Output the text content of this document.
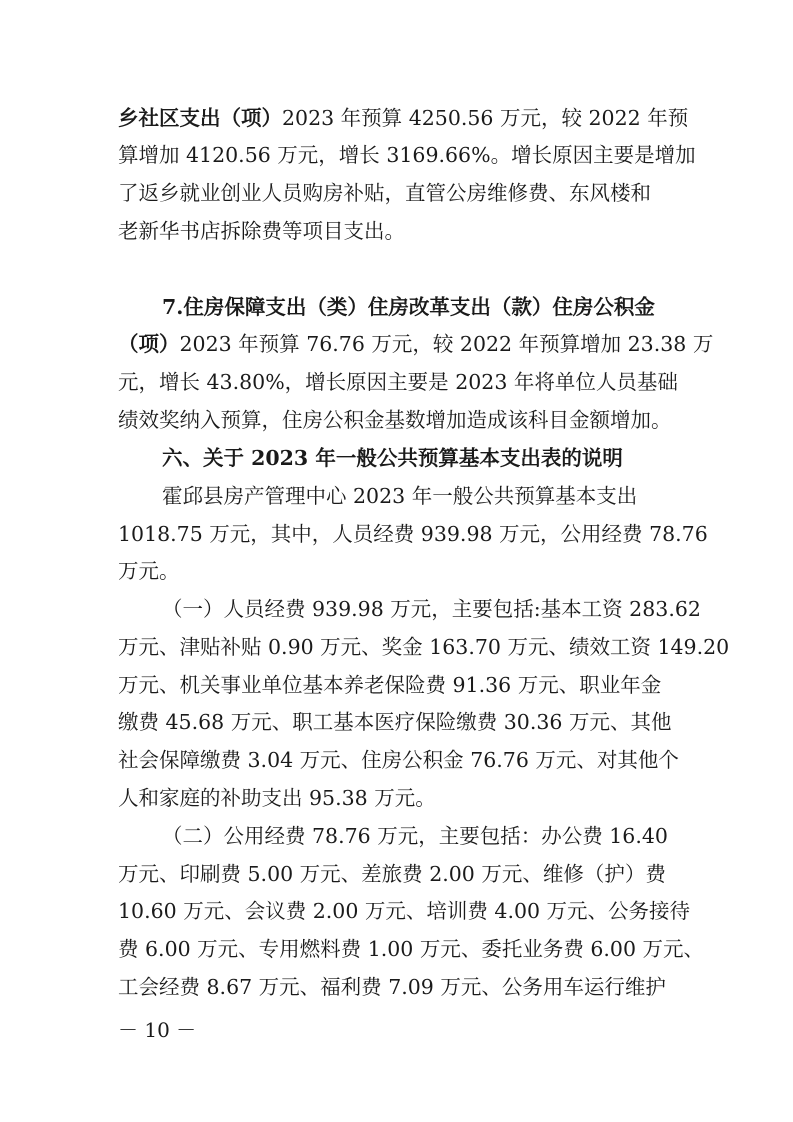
乡社区支出（项）2023 年预算 4250.56 万元，较 2022 年预
算增加 4120.56 万元，增长 3169.66%。增长原因主要是增加
了返乡就业创业人员购房补贴，直管公房维修费、东风楼和
老新华书店拆除费等项目支出。
7.住房保障支出（类）住房改革支出（款）住房公积金
（项）2023 年预算 76.76 万元，较 2022 年预算增加 23.38 万
元，增长 43.80%，增长原因主要是 2023 年将单位人员基础
绩效奖纳入预算，住房公积金基数增加造成该科目金额增加。
六、关于 2023 年一般公共预算基本支出表的说明
霍邱县房产管理中心 2023 年一般公共预算基本支出
1018.75 万元，其中，人员经费 939.98 万元，公用经费 78.76
万元。
（一）人员经费 939.98 万元，主要包括:基本工资 283.62
万元、津贴补贴 0.90 万元、奖金 163.70 万元、绩效工资 149.20
万元、机关事业单位基本养老保险费 91.36 万元、职业年金
缴费 45.68 万元、职工基本医疗保险缴费 30.36 万元、其他
社会保障缴费 3.04 万元、住房公积金 76.76 万元、对其他个
人和家庭的补助支出 95.38 万元。
（二）公用经费 78.76 万元，主要包括：办公费 16.40
万元、印刷费 5.00 万元、差旅费 2.00 万元、维修（护）费
10.60 万元、会议费 2.00 万元、培训费 4.00 万元、公务接待
费 6.00 万元、专用燃料费 1.00 万元、委托业务费 6.00 万元、
工会经费 8.67 万元、福利费 7.09 万元、公务用车运行维护
－ 10 －
